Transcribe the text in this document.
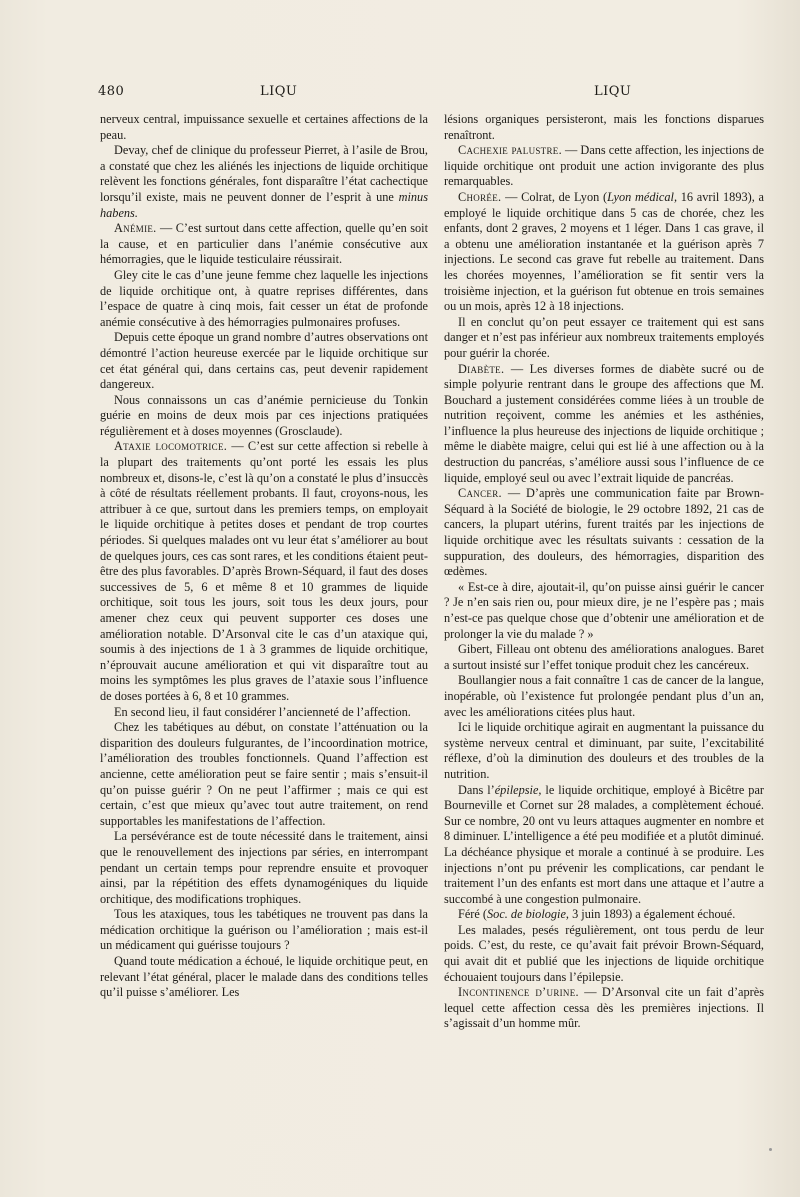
480	LIQU	LIQU

nerveux central, impuissance sexuelle et certaines affections de la peau.

Devay, chef de clinique du professeur Pierret, à l’asile de Brou, a constaté que chez les aliénés les injections de liquide orchitique relèvent les fonctions générales, font disparaître l’état cachectique lorsqu’il existe, mais ne peuvent donner de l’esprit à une minus habens.

Anémie. — C’est surtout dans cette affection, quelle qu’en soit la cause, et en particulier dans l’anémie consécutive aux hémorragies, que le liquide testiculaire réussirait.

Gley cite le cas d’une jeune femme chez laquelle les injections de liquide orchitique ont, à quatre reprises différentes, dans l’espace de quatre à cinq mois, fait cesser un état de profonde anémie consécutive à des hémorragies pulmonaires profuses.

Depuis cette époque un grand nombre d’autres observations ont démontré l’action heureuse exercée par le liquide orchitique sur cet état général qui, dans certains cas, peut devenir rapidement dangereux.

Nous connaissons un cas d’anémie pernicieuse du Tonkin guérie en moins de deux mois par ces injections pratiquées régulièrement et à doses moyennes (Grosclaude).

Ataxie locomotrice. — C’est sur cette affection si rebelle à la plupart des traitements qu’ont porté les essais les plus nombreux et, disons-le, c’est là qu’on a constaté le plus d’insuccès à côté de résultats réellement probants. Il faut, croyons-nous, les attribuer à ce que, surtout dans les premiers temps, on employait le liquide orchitique à petites doses et pendant de trop courtes périodes. Si quelques malades ont vu leur état s’améliorer au bout de quelques jours, ces cas sont rares, et les conditions étaient peut-être des plus favorables. D’après Brown-Séquard, il faut des doses successives de 5, 6 et même 8 et 10 grammes de liquide orchitique, soit tous les jours, soit tous les deux jours, pour amener chez ceux qui peuvent supporter ces doses une amélioration notable. D’Arsonval cite le cas d’un ataxique qui, soumis à des injections de 1 à 3 grammes de liquide orchitique, n’éprouvait aucune amélioration et qui vit disparaître tout au moins les symptômes les plus graves de l’ataxie sous l’influence de doses portées à 6, 8 et 10 grammes.

En second lieu, il faut considérer l’ancienneté de l’affection.

Chez les tabétiques au début, on constate l’atténuation ou la disparition des douleurs fulgurantes, de l’incoordination motrice, l’amélioration des troubles fonctionnels. Quand l’affection est ancienne, cette amélioration peut se faire sentir ; mais s’ensuit-il qu’on puisse guérir ? On ne peut l’affirmer ; mais ce qui est certain, c’est que mieux qu’avec tout autre traitement, on rend supportables les manifestations de l’affection.

La persévérance est de toute nécessité dans le traitement, ainsi que le renouvellement des injections par séries, en interrompant pendant un certain temps pour reprendre ensuite et provoquer ainsi, par la répétition des effets dynamogéniques du liquide orchitique, des modifications trophiques.

Tous les ataxiques, tous les tabétiques ne trouvent pas dans la médication orchitique la guérison ou l’amélioration ; mais est-il un médicament qui guérisse toujours ?

Quand toute médication a échoué, le liquide orchitique peut, en relevant l’état général, placer le malade dans des conditions telles qu’il puisse s’améliorer. Les

lésions organiques persisteront, mais les fonctions disparues renaîtront.

Cachexie palustre. — Dans cette affection, les injections de liquide orchitique ont produit une action invigorante des plus remarquables.

Chorée. — Colrat, de Lyon (Lyon médical, 16 avril 1893), a employé le liquide orchitique dans 5 cas de chorée, chez les enfants, dont 2 graves, 2 moyens et 1 léger. Dans 1 cas grave, il a obtenu une amélioration instantanée et la guérison après 7 injections. Le second cas grave fut rebelle au traitement. Dans les chorées moyennes, l’amélioration se fit sentir vers la troisième injection, et la guérison fut obtenue en trois semaines ou un mois, après 12 à 18 injections.

Il en conclut qu’on peut essayer ce traitement qui est sans danger et n’est pas inférieur aux nombreux traitements employés pour guérir la chorée.

Diabète. — Les diverses formes de diabète sucré ou de simple polyurie rentrant dans le groupe des affections que M. Bouchard a justement considérées comme liées à un trouble de nutrition reçoivent, comme les anémies et les asthénies, l’influence la plus heureuse des injections de liquide orchitique ; même le diabète maigre, celui qui est lié à une affection ou à la destruction du pancréas, s’améliore aussi sous l’influence de ce liquide, employé seul ou avec l’extrait liquide de pancréas.

Cancer. — D’après une communication faite par Brown-Séquard à la Société de biologie, le 29 octobre 1892, 21 cas de cancers, la plupart utérins, furent traités par les injections de liquide orchitique avec les résultats suivants : cessation de la suppuration, des douleurs, des hémorragies, disparition des œdèmes.

« Est-ce à dire, ajoutait-il, qu’on puisse ainsi guérir le cancer ? Je n’en sais rien ou, pour mieux dire, je ne l’espère pas ; mais n’est-ce pas quelque chose que d’obtenir une amélioration et de prolonger la vie du malade ? »

Gibert, Filleau ont obtenu des améliorations analogues. Baret a surtout insisté sur l’effet tonique produit chez les cancéreux.

Boullangier nous a fait connaître 1 cas de cancer de la langue, inopérable, où l’existence fut prolongée pendant plus d’un an, avec les améliorations citées plus haut.

Ici le liquide orchitique agirait en augmentant la puissance du système nerveux central et diminuant, par suite, l’excitabilité réflexe, d’où la diminution des douleurs et des troubles de la nutrition.

Dans l’épilepsie, le liquide orchitique, employé à Bicêtre par Bourneville et Cornet sur 28 malades, a complètement échoué. Sur ce nombre, 20 ont vu leurs attaques augmenter en nombre et 8 diminuer. L’intelligence a été peu modifiée et a plutôt diminué. La déchéance physique et morale a continué à se produire. Les injections n’ont pu prévenir les complications, car pendant le traitement l’un des enfants est mort dans une attaque et l’autre a succombé à une congestion pulmonaire.

Féré (Soc. de biologie, 3 juin 1893) a également échoué.

Les malades, pesés régulièrement, ont tous perdu de leur poids. C’est, du reste, ce qu’avait fait prévoir Brown-Séquard, qui avait dit et publié que les injections de liquide orchitique échouaient toujours dans l’épilepsie.

Incontinence d’urine. — D’Arsonval cite un fait d’après lequel cette affection cessa dès les premières injections. Il s’agissait d’un homme mûr.
